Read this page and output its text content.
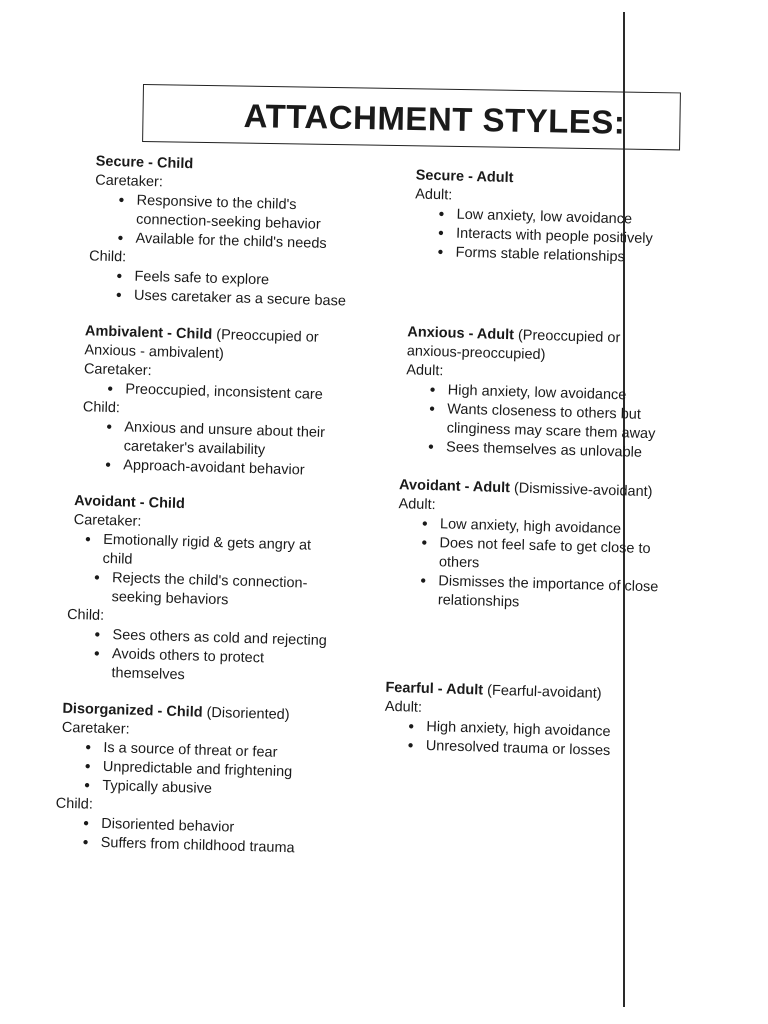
ATTACHMENT STYLES:
Secure - Child
Caretaker:
• Responsive to the child's connection-seeking behavior
• Available for the child's needs
Child:
• Feels safe to explore
• Uses caretaker as a secure base
Ambivalent - Child (Preoccupied or Anxious - ambivalent)
Caretaker:
• Preoccupied, inconsistent care
Child:
• Anxious and unsure about their caretaker's availability
• Approach-avoidant behavior
Avoidant - Child
Caretaker:
• Emotionally rigid & gets angry at child
• Rejects the child's connection-seeking behaviors
Child:
• Sees others as cold and rejecting
• Avoids others to protect themselves
Disorganized - Child (Disoriented)
Caretaker:
• Is a source of threat or fear
• Unpredictable and frightening
• Typically abusive
Child:
• Disoriented behavior
• Suffers from childhood trauma
Secure - Adult
Adult:
• Low anxiety, low avoidance
• Interacts with people positively
• Forms stable relationships
Anxious - Adult (Preoccupied or anxious-preoccupied)
Adult:
• High anxiety, low avoidance
• Wants closeness to others but clinginess may scare them away
• Sees themselves as unlovable
Avoidant - Adult (Dismissive-avoidant)
Adult:
• Low anxiety, high avoidance
• Does not feel safe to get close to others
• Dismisses the importance of close relationships
Fearful - Adult (Fearful-avoidant)
Adult:
• High anxiety, high avoidance
• Unresolved trauma or losses
